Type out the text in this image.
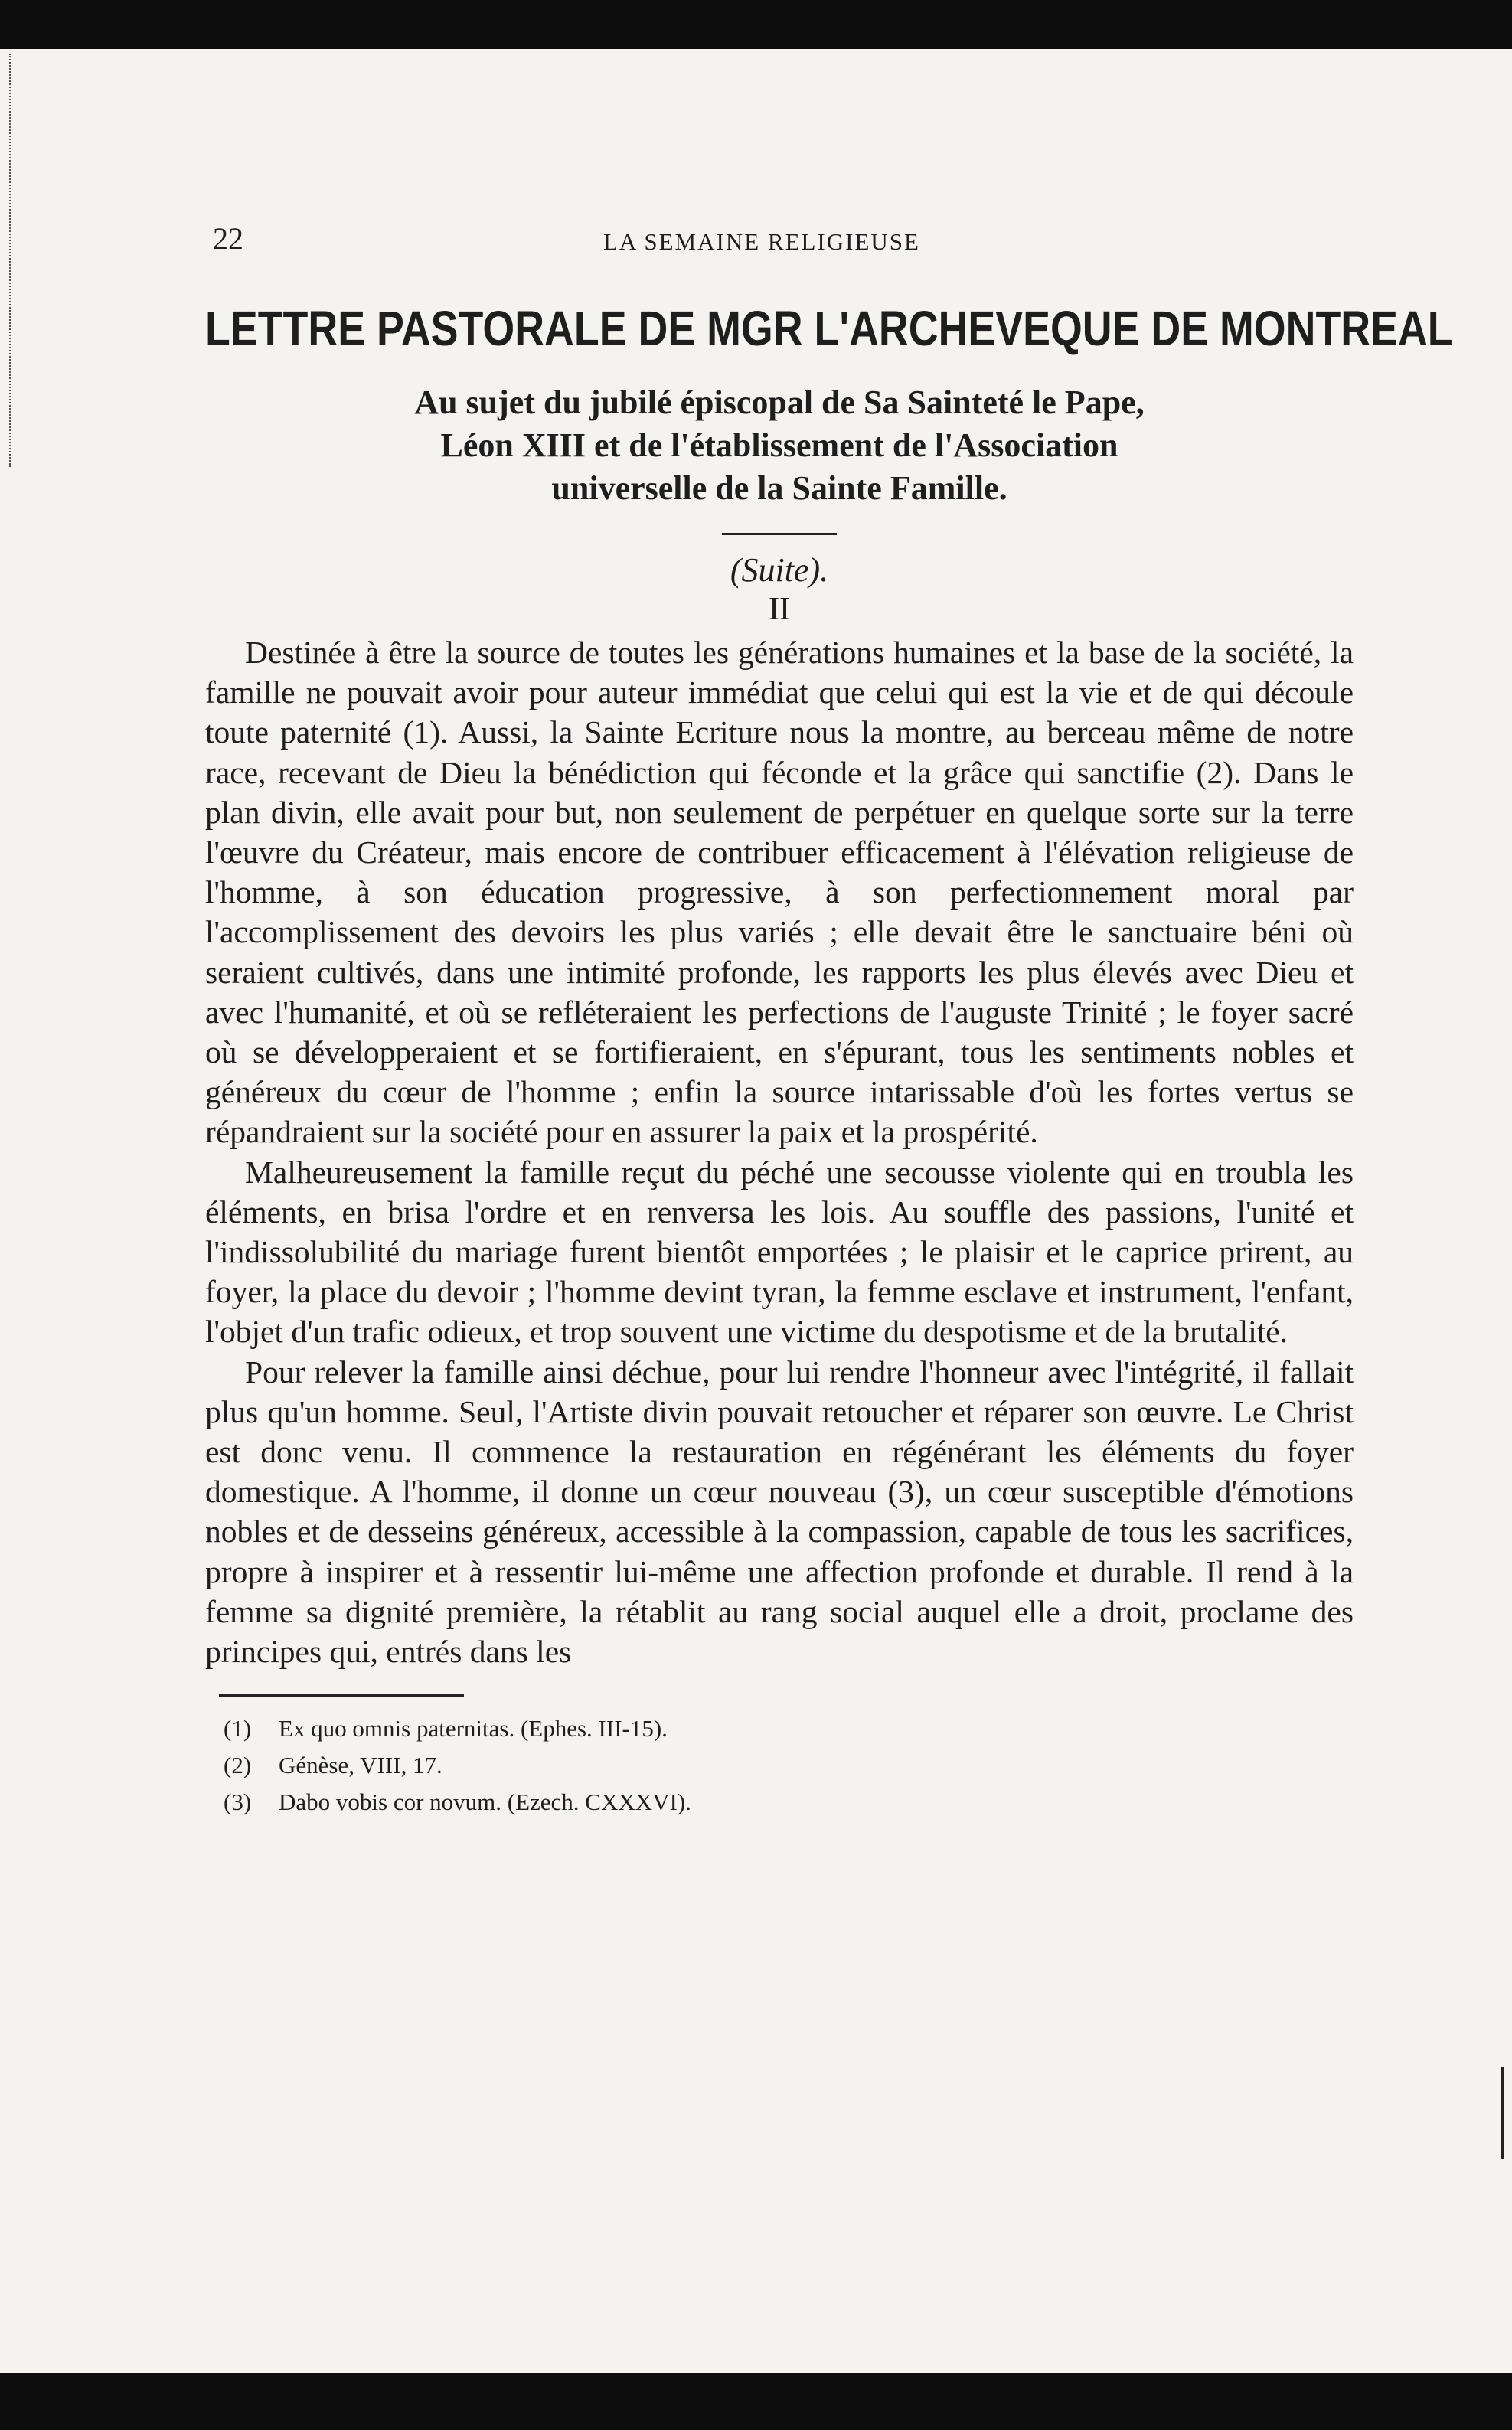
22	LA SEMAINE RELIGIEUSE
LETTRE PASTORALE DE MGR L'ARCHEVEQUE DE MONTREAL
Au sujet du jubilé épiscopal de Sa Sainteté le Pape,
Léon XIII et de l'établissement de l'Association
universelle de la Sainte Famille.
(Suite).
II

Destinée à être la source de toutes les générations humaines et la base de la société, la famille ne pouvait avoir pour auteur immédiat que celui qui est la vie et de qui découle toute paternité (1). Aussi, la Sainte Ecriture nous la montre, au berceau même de notre race, recevant de Dieu la bénédiction qui féconde et la grâce qui sanctifie (2). Dans le plan divin, elle avait pour but, non seulement de perpétuer en quelque sorte sur la terre l'œuvre du Créateur, mais encore de contribuer efficacement à l'élévation religieuse de l'homme, à son éducation progressive, à son perfectionnement moral par l'accomplissement des devoirs les plus variés ; elle devait être le sanctuaire béni où seraient cultivés, dans une intimité profonde, les rapports les plus élevés avec Dieu et avec l'humanité, et où se refléteraient les perfections de l'auguste Trinité ; le foyer sacré où se développeraient et se fortifieraient, en s'épurant, tous les sentiments nobles et généreux du cœur de l'homme ; enfin la source intarissable d'où les fortes vertus se répandraient sur la société pour en assurer la paix et la prospérité.

Malheureusement la famille reçut du péché une secousse violente qui en troubla les éléments, en brisa l'ordre et en renversa les lois. Au souffle des passions, l'unité et l'indissolubilité du mariage furent bientôt emportées ; le plaisir et le caprice prirent, au foyer, la place du devoir ; l'homme devint tyran, la femme esclave et instrument, l'enfant, l'objet d'un trafic odieux, et trop souvent une victime du despotisme et de la brutalité.

Pour relever la famille ainsi déchue, pour lui rendre l'honneur avec l'intégrité, il fallait plus qu'un homme. Seul, l'Artiste divin pouvait retoucher et réparer son œuvre. Le Christ est donc venu. Il commence la restauration en régénérant les éléments du foyer domestique. A l'homme, il donne un cœur nouveau (3), un cœur susceptible d'émotions nobles et de desseins généreux, accessible à la compassion, capable de tous les sacrifices, propre à inspirer et à ressentir lui-même une affection profonde et durable. Il rend à la femme sa dignité première, la rétablit au rang social auquel elle a droit, proclame des principes qui, entrés dans les

(1)	Ex quo omnis paternitas. (Ephes. III-15).
(2)	Génèse, VIII, 17.
(3)	Dabo vobis cor novum. (Ezech. CXXXVI).
